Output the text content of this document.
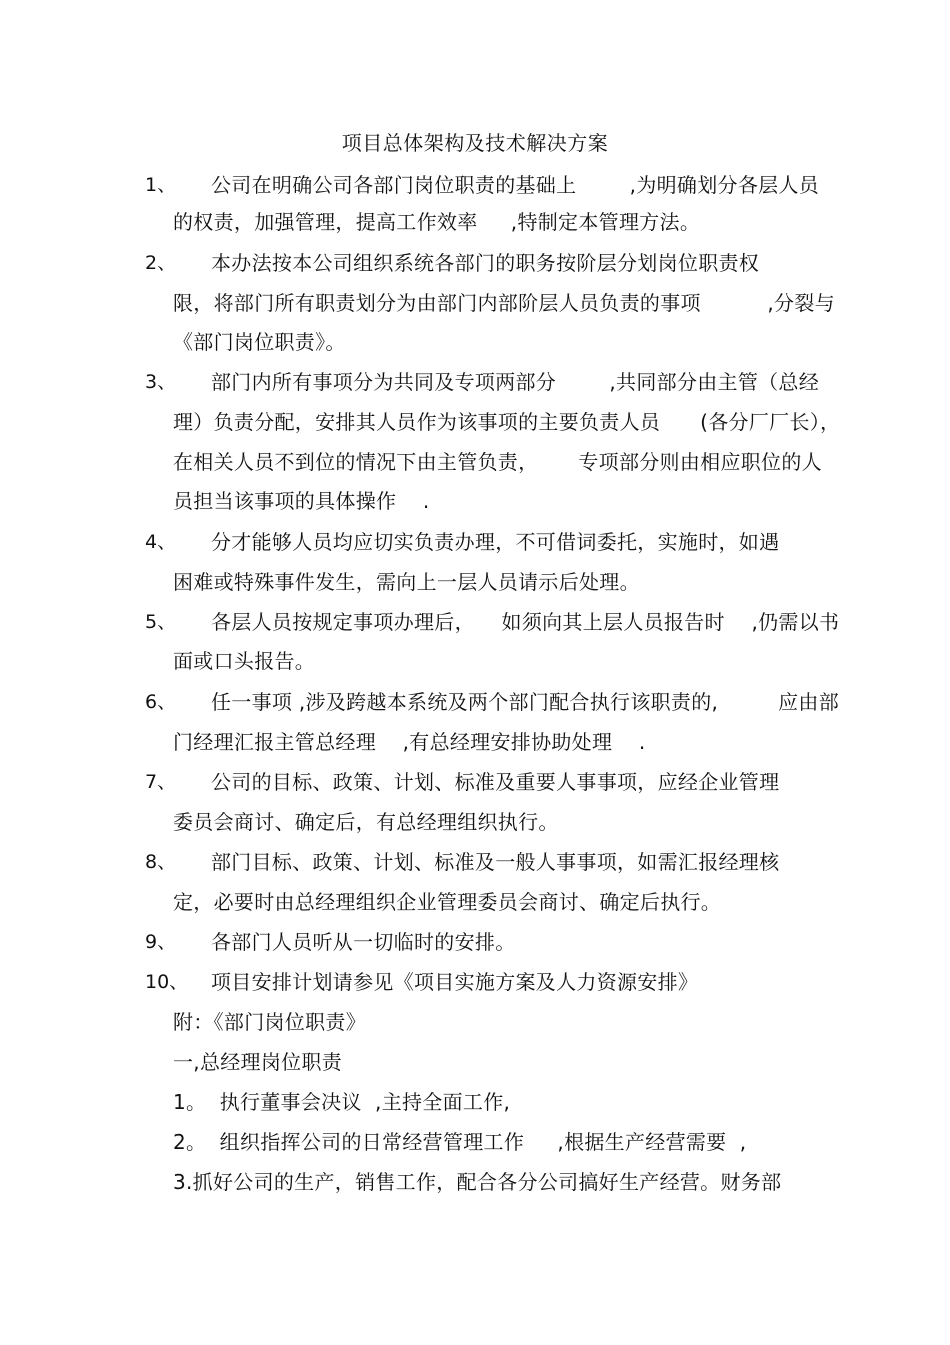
项目总体架构及技术解决方案
1、 公司在明确公司各部门岗位职责的基础上        ,为明确划分各层人员
的权责，加强管理，提高工作效率     ,特制定本管理方法。
2、 本办法按本公司组织系统各部门的职务按阶层分划岗位职责权
限，将部门所有职责划分为由部门内部阶层人员负责的事项          ,分裂与
《部门岗位职责》。
3、 部门内所有事项分为共同及专项两部分        ,共同部分由主管（总经
理）负责分配，安排其人员作为该事项的主要负责人员      (各分厂厂长），
在相关人员不到位的情况下由主管负责，      专项部分则由相应职位的人
员担当该事项的具体操作    .
4、 分才能够人员均应切实负责办理，不可借词委托，实施时，如遇
困难或特殊事件发生，需向上一层人员请示后处理。
5、 各层人员按规定事项办理后，    如须向其上层人员报告时    ,仍需以书
面或口头报告。
6、 任一事项 ,涉及跨越本系统及两个部门配合执行该职责的,         应由部
门经理汇报主管总经理    ,有总经理安排协助处理    .
7、 公司的目标、政策、计划、标准及重要人事事项，应经企业管理
委员会商讨、确定后，有总经理组织执行。
8、 部门目标、政策、计划、标准及一般人事事项，如需汇报经理核
定，必要时由总经理组织企业管理委员会商讨、确定后执行。
9、 各部门人员听从一切临时的安排。
10、 项目安排计划请参见《项目实施方案及人力资源安排》
附：《部门岗位职责》
一,总经理岗位职责
1。  执行董事会决议  ,主持全面工作,
2。  组织指挥公司的日常经营管理工作     ,根据生产经营需要  ,
3.抓好公司的生产，销售工作，配合各分公司搞好生产经营。财务部
